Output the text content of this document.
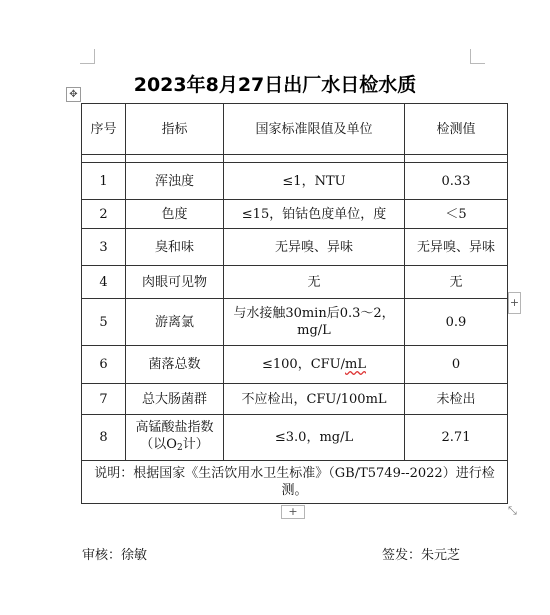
2023年8月27日出厂水日检水质
✥
序号	指标	国家标准限值及单位	检测值

1	浑浊度	≤1，NTU	0.33
2	色度	≤15，铂钴色度单位，度	＜5
3	臭和味	无异嗅、异味	无异嗅、异味
4	肉眼可见物	无	无
5	游离氯	与水接触30min后0.3～2，
mg/L	0.9
6	菌落总数	≤100，CFU/mL	0
7	总大肠菌群	不应检出，CFU/100mL	未检出
8	高锰酸盐指数
（以$O_2$计）	≤3.0，mg/L	2.71
说明：根据国家《生活饮用水卫生标准》（GB/T5749--2022）进行检测。			
+
+	⤡
审核：徐敏	签发：朱元芝
